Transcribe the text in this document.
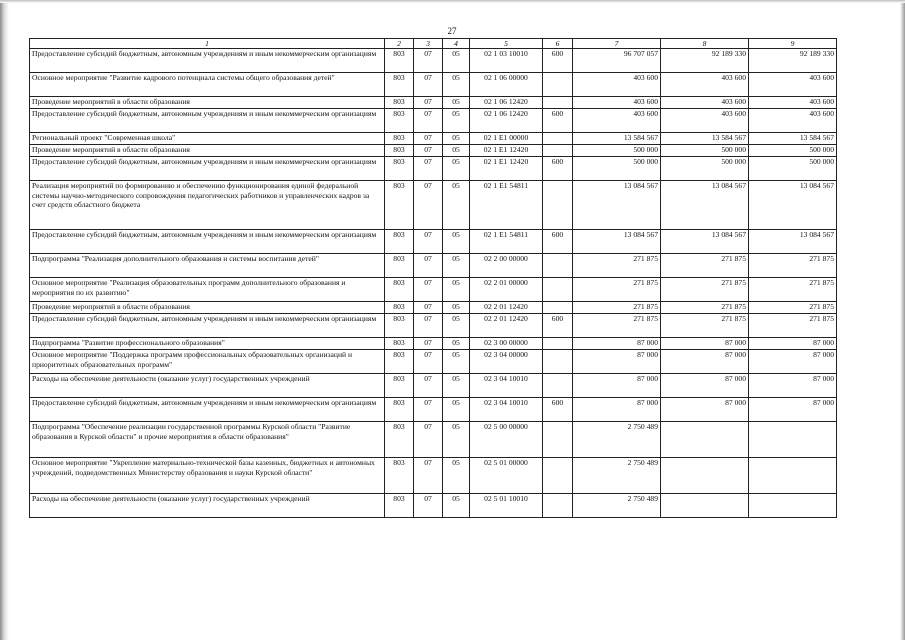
27
1	2	3	4	5	6	7	8	9
Предоставление субсидий бюджетным, автономным учреждениям и иным некоммерческим организациям	803	07	05	02 1 03 10010	600	96 707 057	92 189 330	92 189 330
Основное мероприятие "Развитие кадрового потенциала системы общего образования детей"	803	07	05	02 1 06 00000		403 600	403 600	403 600
Проведение мероприятий в области образования	803	07	05	02 1 06 12420		403 600	403 600	403 600
Предоставление субсидий бюджетным, автономным учреждениям и иным некоммерческим организациям	803	07	05	02 1 06 12420	600	403 600	403 600	403 600
Региональный проект "Современная школа"	803	07	05	02 1 E1 00000		13 584 567	13 584 567	13 584 567
Проведение мероприятий в области образования	803	07	05	02 1 E1 12420		500 000	500 000	500 000
Предоставление субсидий бюджетным, автономным учреждениям и иным некоммерческим организациям	803	07	05	02 1 E1 12420	600	500 000	500 000	500 000
Реализация мероприятий по формированию и обеспечению функционирования единой федеральной системы научно-методического сопровождения педагогических работников и управленческих кадров за счет средств областного бюджета	803	07	05	02 1 E1 54811		13 084 567	13 084 567	13 084 567
Предоставление субсидий бюджетным, автономным учреждениям и иным некоммерческим организациям	803	07	05	02 1 E1 54811	600	13 084 567	13 084 567	13 084 567
Подпрограмма "Реализация дополнительного образования и системы воспитания детей"	803	07	05	02 2 00 00000		271 875	271 875	271 875
Основное мероприятие "Реализация образовательных программ дополнительного образования и мероприятия по их развитию"	803	07	05	02 2 01 00000		271 875	271 875	271 875
Проведение мероприятий в области образования	803	07	05	02 2 01 12420		271 875	271 875	271 875
Предоставление субсидий бюджетным, автономным учреждениям и иным некоммерческим организациям	803	07	05	02 2 01 12420	600	271 875	271 875	271 875
Подпрограмма "Развитие профессионального образования"	803	07	05	02 3 00 00000		87 000	87 000	87 000
Основное мероприятие "Поддержка программ профессиональных образовательных организаций и приоритетных образовательных программ"	803	07	05	02 3 04 00000		87 000	87 000	87 000
Расходы на обеспечение деятельности (оказание услуг) государственных учреждений	803	07	05	02 3 04 10010		87 000	87 000	87 000
Предоставление субсидий бюджетным, автономным учреждениям и иным некоммерческим организациям	803	07	05	02 3 04 10010	600	87 000	87 000	87 000
Подпрограмма "Обеспечение реализации государственной программы Курской области "Развитие образования в Курской области" и прочие мероприятия в области образования"	803	07	05	02 5 00 00000		2 750 489		
Основное мероприятие "Укрепление материально-технической базы казенных, бюджетных и автономных учреждений, подведомственных Министерству образования и науки Курской области"	803	07	05	02 5 01 00000		2 750 489		
Расходы на обеспечение деятельности (оказание услуг) государственных учреждений	803	07	05	02 5 01 10010		2 750 489		
